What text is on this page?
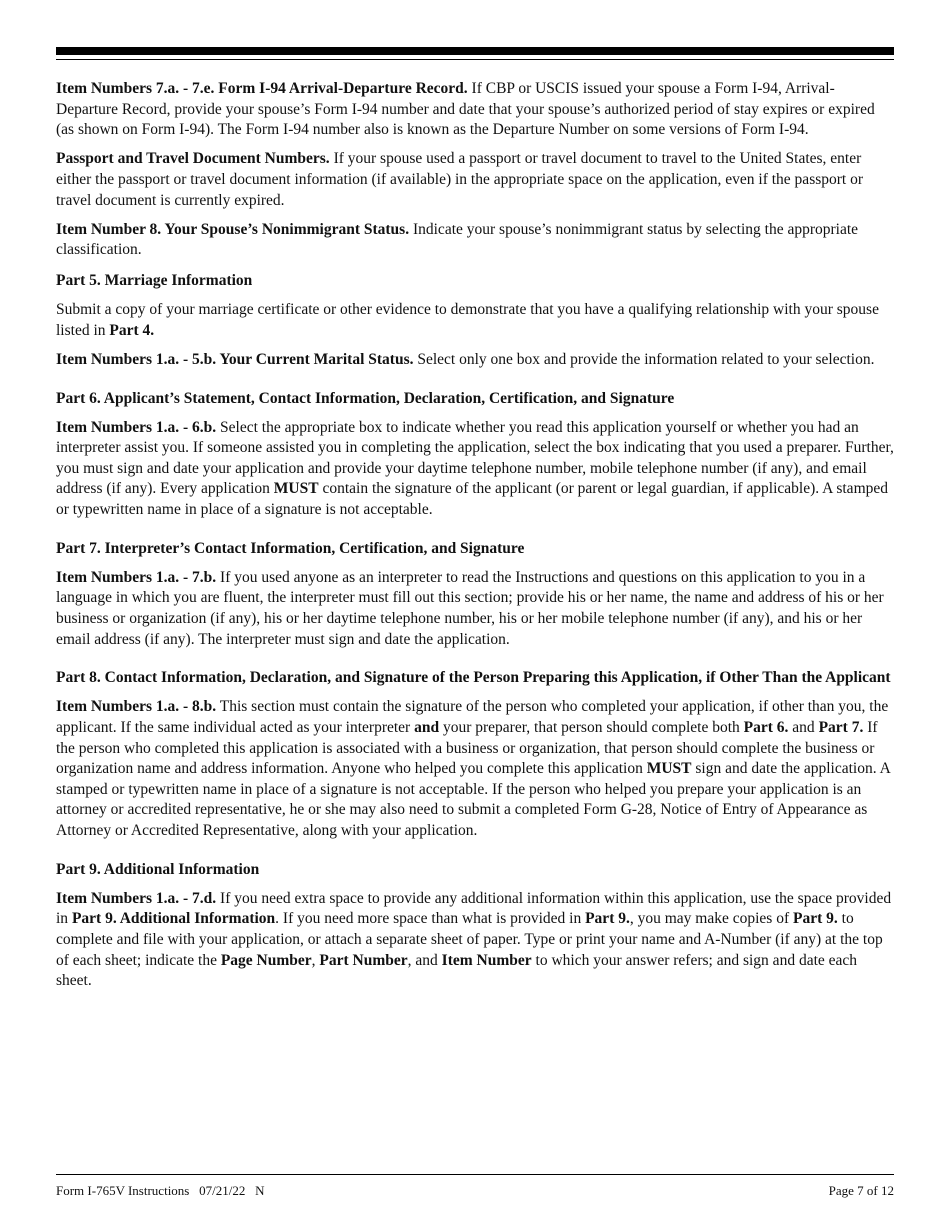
Item Numbers 7.a. - 7.e. Form I-94 Arrival-Departure Record. If CBP or USCIS issued your spouse a Form I-94, Arrival-Departure Record, provide your spouse’s Form I-94 number and date that your spouse’s authorized period of stay expires or expired (as shown on Form I-94). The Form I-94 number also is known as the Departure Number on some versions of Form I-94.

Passport and Travel Document Numbers. If your spouse used a passport or travel document to travel to the United States, enter either the passport or travel document information (if available) in the appropriate space on the application, even if the passport or travel document is currently expired.

Item Number 8. Your Spouse’s Nonimmigrant Status. Indicate your spouse’s nonimmigrant status by selecting the appropriate classification.

Part 5. Marriage Information

Submit a copy of your marriage certificate or other evidence to demonstrate that you have a qualifying relationship with your spouse listed in Part 4.

Item Numbers 1.a. - 5.b. Your Current Marital Status. Select only one box and provide the information related to your selection.

Part 6. Applicant’s Statement, Contact Information, Declaration, Certification, and Signature

Item Numbers 1.a. - 6.b. Select the appropriate box to indicate whether you read this application yourself or whether you had an interpreter assist you. If someone assisted you in completing the application, select the box indicating that you used a preparer. Further, you must sign and date your application and provide your daytime telephone number, mobile telephone number (if any), and email address (if any). Every application MUST contain the signature of the applicant (or parent or legal guardian, if applicable). A stamped or typewritten name in place of a signature is not acceptable.

Part 7. Interpreter’s Contact Information, Certification, and Signature

Item Numbers 1.a. - 7.b. If you used anyone as an interpreter to read the Instructions and questions on this application to you in a language in which you are fluent, the interpreter must fill out this section; provide his or her name, the name and address of his or her business or organization (if any), his or her daytime telephone number, his or her mobile telephone number (if any), and his or her email address (if any). The interpreter must sign and date the application.

Part 8. Contact Information, Declaration, and Signature of the Person Preparing this Application, if Other Than the Applicant

Item Numbers 1.a. - 8.b. This section must contain the signature of the person who completed your application, if other than you, the applicant. If the same individual acted as your interpreter and your preparer, that person should complete both Part 6. and Part 7. If the person who completed this application is associated with a business or organization, that person should complete the business or organization name and address information. Anyone who helped you complete this application MUST sign and date the application. A stamped or typewritten name in place of a signature is not acceptable. If the person who helped you prepare your application is an attorney or accredited representative, he or she may also need to submit a completed Form G-28, Notice of Entry of Appearance as Attorney or Accredited Representative, along with your application.

Part 9. Additional Information

Item Numbers 1.a. - 7.d. If you need extra space to provide any additional information within this application, use the space provided in Part 9. Additional Information. If you need more space than what is provided in Part 9., you may make copies of Part 9. to complete and file with your application, or attach a separate sheet of paper. Type or print your name and A-Number (if any) at the top of each sheet; indicate the Page Number, Part Number, and Item Number to which your answer refers; and sign and date each sheet.

Form I-765V Instructions   07/21/22   N	Page 7 of 12
